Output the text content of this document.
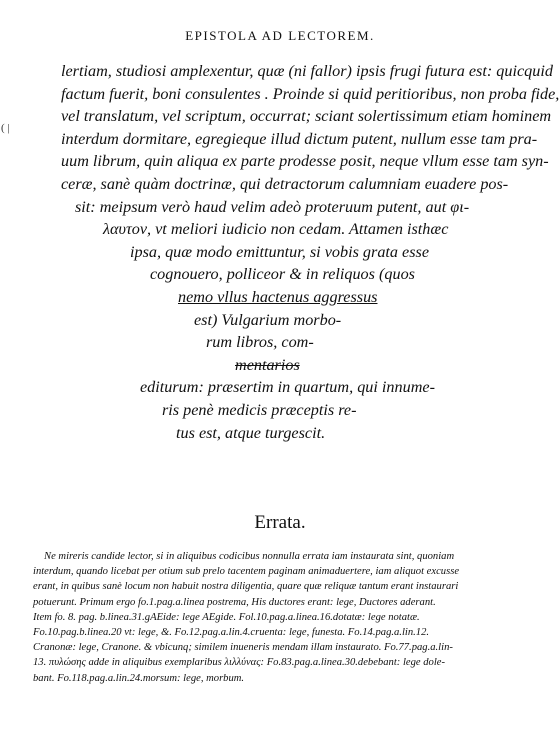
EPISTOLA AD LECTOREM.
( |
lertiam, studiosi amplexentur, quæ (ni fallor) ipsis frugi futura est: quicquid
factum fuerit, boni consulentes . Proinde si quid peritioribus, non proba fide,
vel translatum, vel scriptum, occurrat; sciant solertissimum etiam hominem
interdum dormitare, egregieque illud dictum putent, nullum esse tam pra-
uum librum, quin aliqua ex parte prodesse posit, neque vllum esse tam syn-
ceræ, sanè quàm doctrinæ, qui detractorum calumniam euadere pos-
sit: meipsum verò haud velim adeò proteruum putent, aut φι-
λαυτον, vt meliori iudicio non cedam. Attamen isthæc
ipsa, quæ modo emittuntur, si vobis grata esse
cognouero, polliceor & in reliquos (quos
nemo vllus hactenus aggressus
est) Vulgarium morbo-
rum libros, com-
mentarios
editurum: præsertim in quartum, qui innume-
ris penè medicis præceptis re-
tus est, atque turgescit.
Errata.
Ne mireris candide lector, si in aliquibus codicibus nonnulla errata iam instaurata sint, quoniam
interdum, quando licebat per otium sub prelo tacentem paginam animaduertere, iam aliquot excusse
erant, in quibus sanè locum non habuit nostra diligentia, quare quæ reliquæ tantum erant instaurari
potuerunt. Primum ergo fo.1.pag.a.linea postrema, His ductores erant: lege, Ductores aderant.
Item fo. 8. pag. b.linea.31.gAEide: lege AEgide. Fol.10.pag.a.linea.16.dotatæ: lege notatæ.
Fo.10.pag.b.linea.20 vt: lege, &. Fo.12.pag.a.lin.4.cruenta: lege, funesta. Fo.14.pag.a.lin.12.
Cranonæ: lege, Cranone. & vbicunq; similem inueneris mendam illam instaurato. Fo.77.pag.a.lin-
13. πυλώσης adde in aliquibus exemplaribus λιλλύνας: Fo.83.pag.a.linea.30.debebant: lege dole-
bant. Fo.118.pag.a.lin.24.morsum: lege, morbum.
